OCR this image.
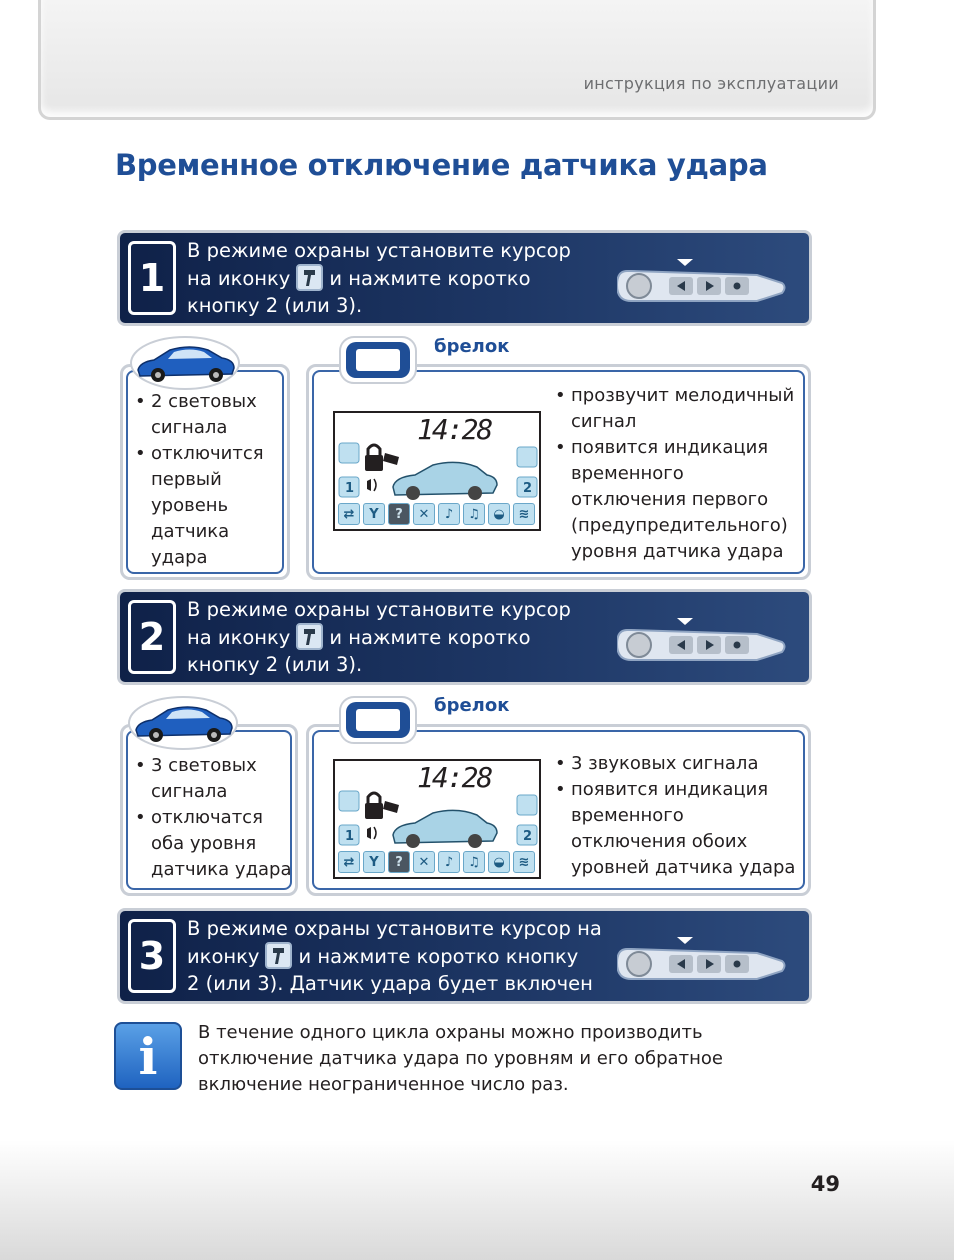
инструкция по эксплуатации
Временное отключение датчика удара
1
В режиме охраны установите курсор
на иконку и нажмите коротко
кнопку 2 (или 3).
• 2 световых
сигнала
• отключится
первый
уровень
датчика
удара
14:28
1	2
⇄	Y	?	✕	♪	♫	◒	≋
• прозвучит мелодичный
сигнал
• появится индикация
временного
отключения первого
(предупредительного)
уровня датчика удара
брелок
2
В режиме охраны установите курсор
на иконку и нажмите коротко
кнопку 2 (или 3).
• 3 световых
сигнала
• отключатся
оба уровня
датчика удара
14:28
1	2
⇄	Y	?	✕	♪	♫	◒	≋
• 3 звуковых сигнала
• появится индикация
временного
отключения обоих
уровней датчика удара
брелок
3
В режиме охраны установите курсор на
иконку и нажмите коротко кнопку
2 (или 3). Датчик удара будет включен
i	В течение одного цикла охраны можно производить
отключение датчика удара по уровням и его обратное
включение неограниченное число раз.
49
